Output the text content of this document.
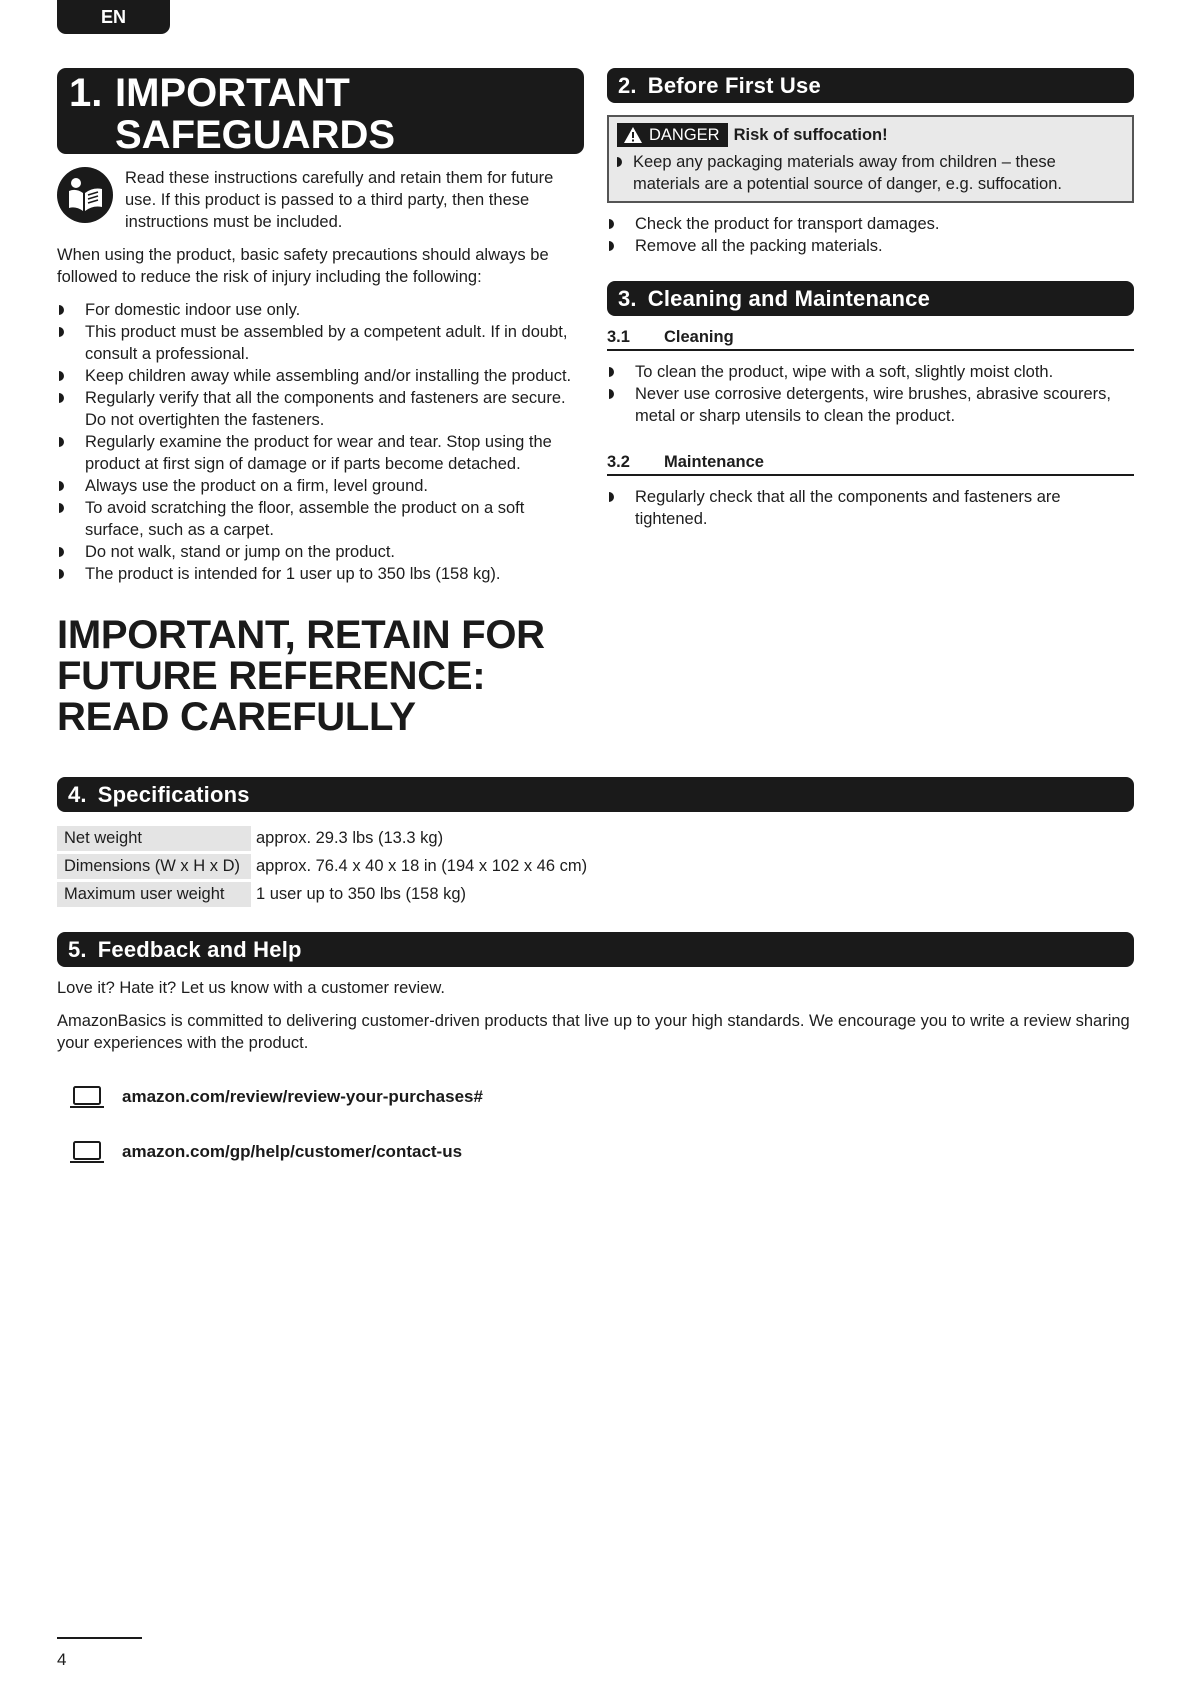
EN
1. IMPORTANT
SAFEGUARDS
Read these instructions carefully and retain them for future use. If this product is passed to a third party, then these instructions must be included.

When using the product, basic safety precautions should always be followed to reduce the risk of injury including the following:

For domestic indoor use only.
This product must be assembled by a competent adult. If in doubt, consult a professional.
Keep children away while assembling and/or installing the product.
Regularly verify that all the components and fasteners are secure. Do not overtighten the fasteners.
Regularly examine the product for wear and tear. Stop using the product at first sign of damage or if parts become detached.
Always use the product on a firm, level ground.
To avoid scratching the floor, assemble the product on a soft surface, such as a carpet.
Do not walk, stand or jump on the product.
The product is intended for 1 user up to 350 lbs (158 kg).
IMPORTANT, RETAIN FOR
FUTURE REFERENCE:
READ CAREFULLY
2. Before First Use
DANGER Risk of suffocation!
Keep any packaging materials away from children – these materials are a potential source of danger, e.g. suffocation.
Check the product for transport damages.
Remove all the packing materials.
3. Cleaning and Maintenance
3.1	Cleaning
To clean the product, wipe with a soft, slightly moist cloth.
Never use corrosive detergents, wire brushes, abrasive scourers, metal or sharp utensils to clean the product.
3.2	Maintenance
Regularly check that all the components and fasteners are tightened.
4. Specifications
Net weight	approx. 29.3 lbs (13.3 kg)
Dimensions (W x H x D)	approx. 76.4 x 40 x 18 in (194 x 102 x 46 cm)
Maximum user weight	1 user up to 350 lbs (158 kg)
5. Feedback and Help

Love it? Hate it? Let us know with a customer review.

AmazonBasics is committed to delivering customer-driven products that live up to your high standards. We encourage you to write a review sharing your experiences with the product.

amazon.com/review/review-your-purchases#
amazon.com/gp/help/customer/contact-us
4
